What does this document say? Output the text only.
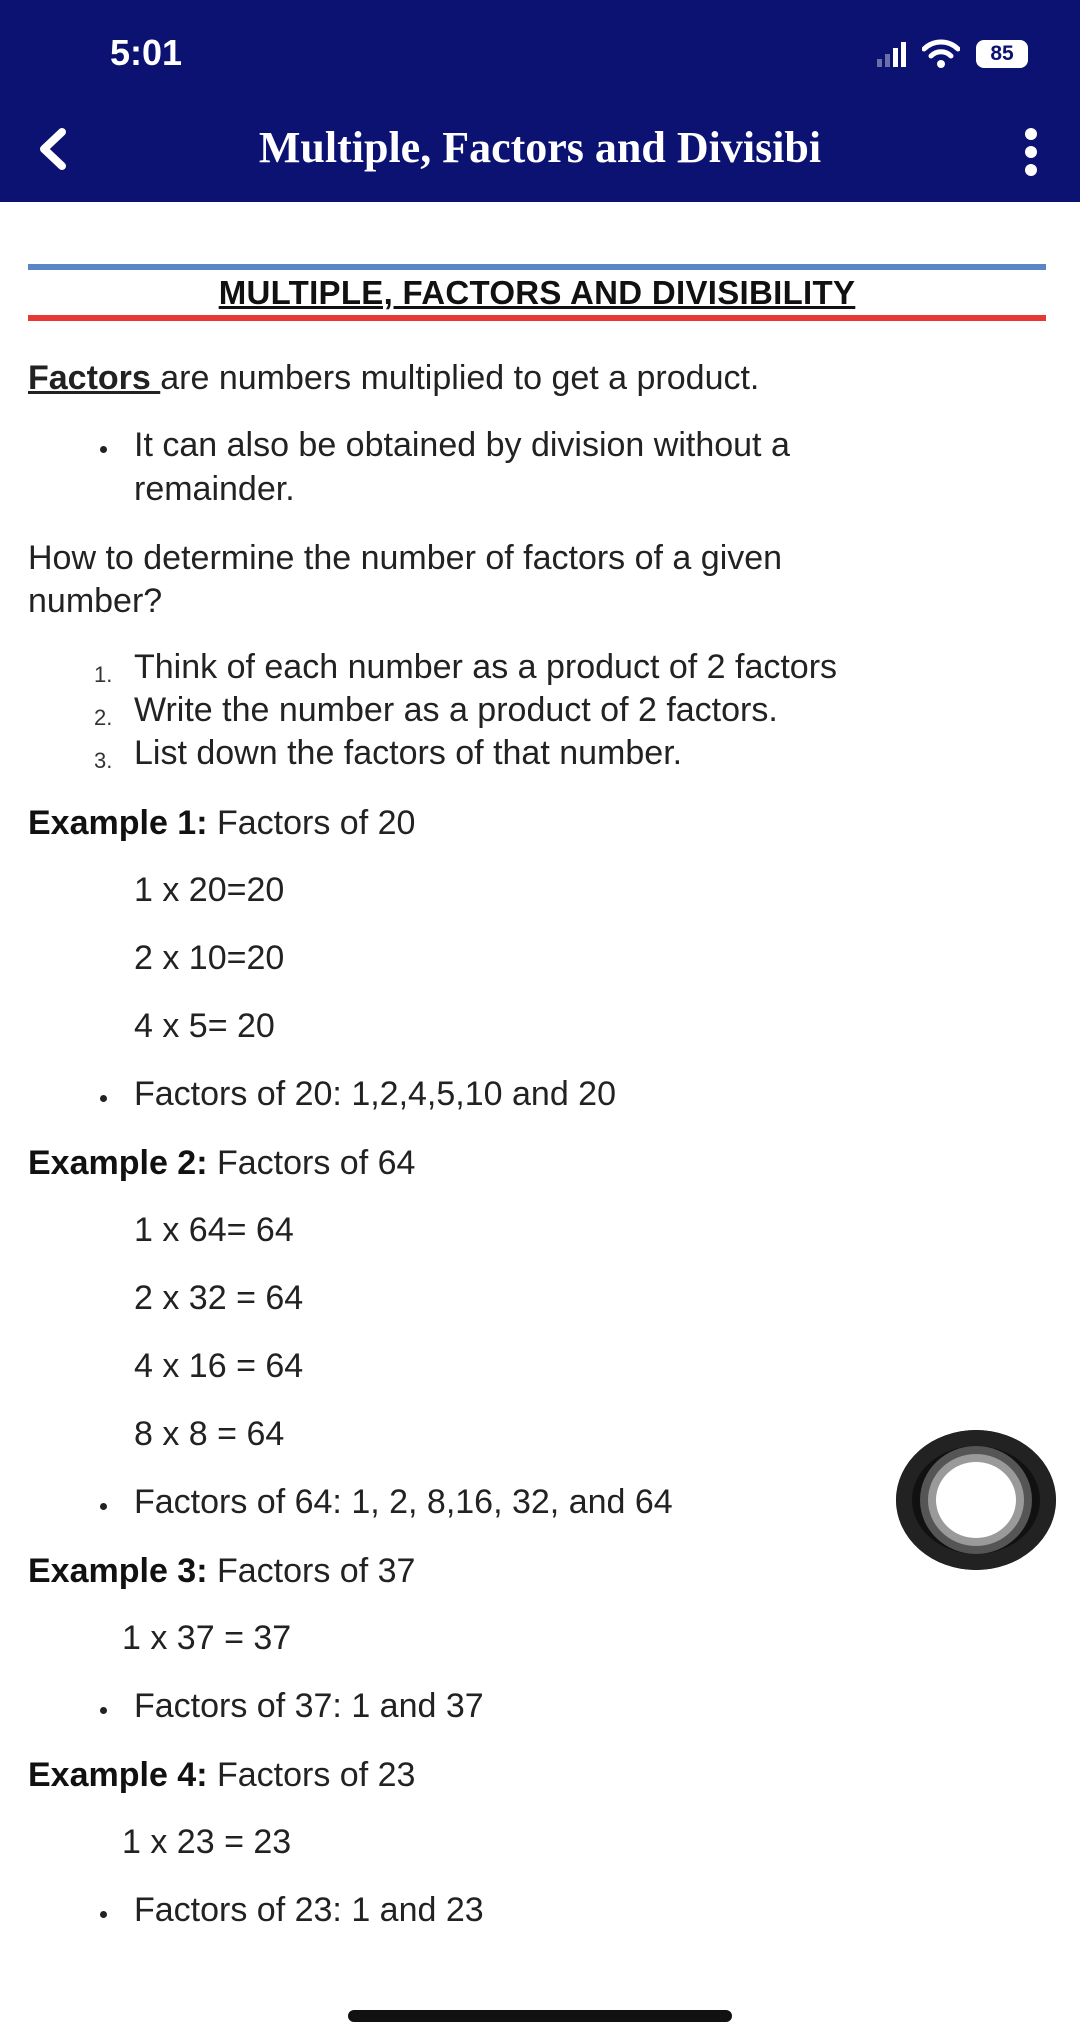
5:01	85
Multiple, Factors and Divisibi
MULTIPLE, FACTORS AND DIVISIBILITY
Factors are numbers multiplied to get a product.
It can also be obtained by division without a
remainder.
How to determine the number of factors of a given
number?
1. Think of each number as a product of 2 factors
2. Write the number as a product of 2 factors.
3. List down the factors of that number.
Example 1: Factors of 20
1 x 20=20
2 x 10=20
4 x 5= 20
Factors of 20: 1,2,4,5,10 and 20
Example 2: Factors of 64
1 x 64= 64
2 x 32 = 64
4 x 16 = 64
8 x 8 = 64
Factors of 64: 1, 2, 8,16, 32, and 64
Example 3: Factors of 37
1 x 37 = 37
Factors of 37: 1 and 37
Example 4: Factors of 23
1 x 23 = 23
Factors of 23: 1 and 23
